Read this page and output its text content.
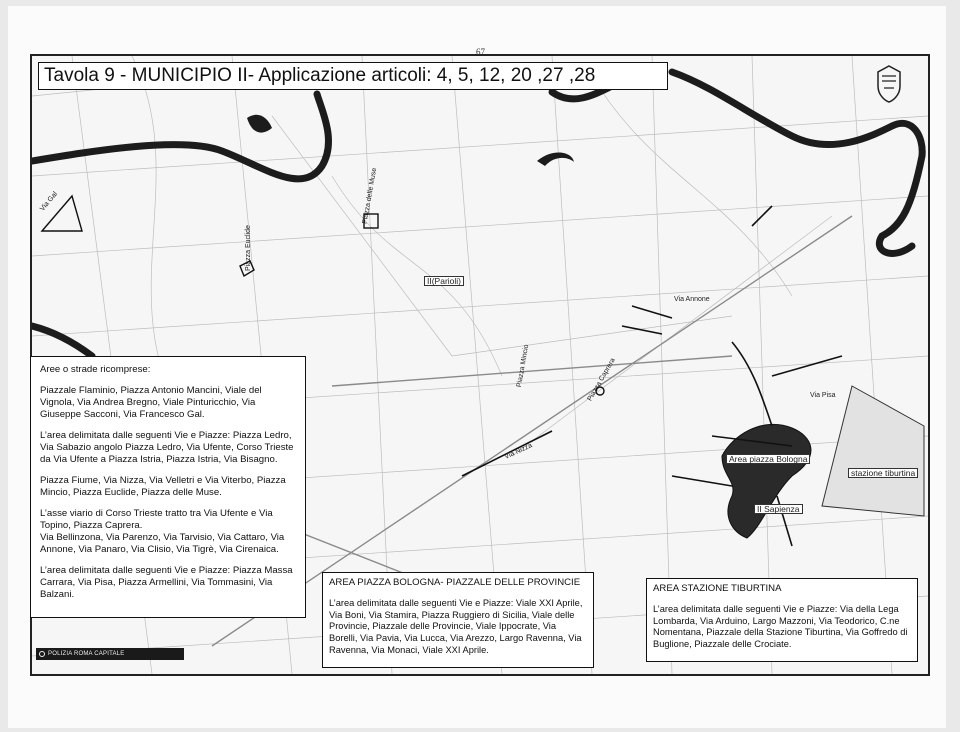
II(Parioli)
Area piazza Bologna
II Sapienza
stazione tiburtina
Via Annone
Via Nizza
Via Pisa
Piazza Euclide
Piazza delle Muse
Piazza Caprera
Piazza Mincio
Via Gal
67
Tavola 9 - MUNICIPIO II- Applicazione articoli: 4, 5, 12, 20 ,27 ,28
Aree o strade ricomprese:

Piazzale Flaminio, Piazza Antonio Mancini, Viale del Vignola, Via Andrea Bregno, Viale Pinturicchio, Via Giuseppe Sacconi, Via Francesco Gal.

L’area delimitata dalle seguenti Vie e Piazze: Piazza Ledro, Via Sabazio angolo Piazza Ledro, Via Ufente, Corso Trieste da Via Ufente a Piazza Istria, Piazza Istria, Via Bisagno.

Piazza Fiume, Via Nizza, Via Velletri e Via Viterbo, Piazza Mincio, Piazza Euclide, Piazza delle Muse.

L’asse viario di Corso Trieste tratto tra Via Ufente e Via Topino, Piazza Caprera.
Via Bellinzona, Via Parenzo, Via Tarvisio, Via Cattaro, Via Annone, Via Panaro, Via Clisio, Via Tigrè, Via Cirenaica.

L’area delimitata dalle seguenti Vie e Piazze: Piazza Massa Carrara, Via Pisa, Piazza Armellini, Via Tommasini, Via Balzani.

AREA PIAZZA BOLOGNA- PIAZZALE DELLE PROVINCIE
L’area delimitata dalle seguenti Vie e Piazze: Viale XXI Aprile, Via Boni, Via Stamira, Piazza Ruggiero di Sicilia, Viale delle Provincie, Piazzale delle Provincie, Viale Ippocrate, Via Borelli, Via Pavia, Via Lucca, Via Arezzo, Largo Ravenna, Via Ravenna, Via Monaci, Viale XXI Aprile.
AREA STAZIONE TIBURTINA
L’area delimitata dalle seguenti Vie e Piazze: Via della Lega Lombarda, Via Arduino, Largo Mazzoni, Via Teodorico, C.ne Nomentana, Piazzale della Stazione Tiburtina, Via Goffredo di Buglione, Piazzale delle Crociate.
POLIZIA ROMA CAPITALE
